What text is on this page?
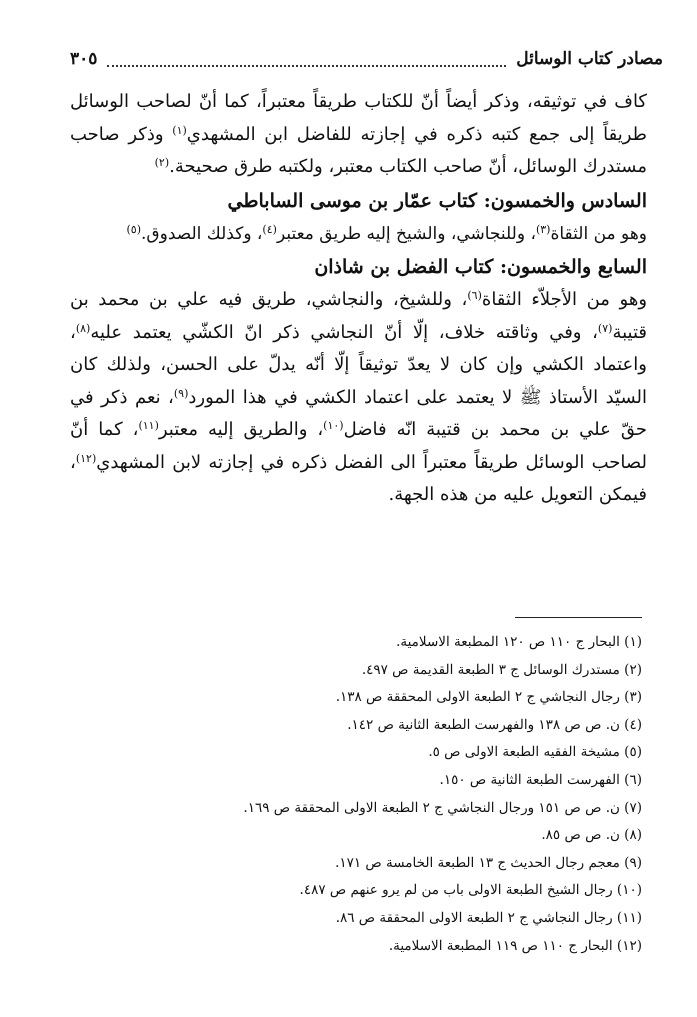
مصادر كتاب الوسائل
٣٠٥

كاف في توثيقه، وذكر أيضاً أنّ للكتاب طريقاً معتبراً، كما أنّ لصاحب الوسائل طريقاً إلى جمع كتبه ذكره في إجازته للفاضل ابن المشهدي$^{(١)}$ وذكر صاحب مستدرك الوسائل، أنّ صاحب الكتاب معتبر، ولكتبه طرق صحيحة.$^{(٢)}$

السادس والخمسون: كتاب عمّار بن موسى الساباطي

وهو من الثقاة$^{(٣)}$، وللنجاشي، والشيخ إليه طريق معتبر$^{(٤)}$، وكذلك الصدوق.$^{(٥)}$

السابع والخمسون: كتاب الفضل بن شاذان

وهو من الأجلاّء الثقاة$^{(٦)}$، وللشيخ، والنجاشي، طريق فيه علي بن محمد بن قتيبة$^{(٧)}$، وفي وثاقته خلاف، إلّا أنّ النجاشي ذكر انّ الكشّي يعتمد عليه$^{(٨)}$، واعتماد الكشي وإن كان لا يعدّ توثيقاً إلّا أنّه يدلّ على الحسن، ولذلك كان السيّد الأستاذ ﷺ لا يعتمد على اعتماد الكشي في هذا المورد$^{(٩)}$، نعم ذكر في حقّ علي بن محمد بن قتيبة انّه فاضل$^{(١٠)}$، والطريق إليه معتبر$^{(١١)}$، كما أنّ لصاحب الوسائل طريقاً معتبراً الى الفضل ذكره في إجازته لابن المشهدي$^{(١٢)}$، فيمكن التعويل عليه من هذه الجهة.

(١) البحار ج ١١٠ ص ١٢٠ المطبعة الاسلامية.
(٢) مستدرك الوسائل ج ٣ الطبعة القديمة ص ٤٩٧.
(٣) رجال النجاشي ج ٢ الطبعة الاولى المحققة ص ١٣٨.
(٤) ن. ص ص ١٣٨ والفهرست الطبعة الثانية ص ١٤٢.
(٥) مشيخة الفقيه الطبعة الاولى ص ٥.
(٦) الفهرست الطبعة الثانية ص ١٥٠.
(٧) ن. ص ص ١٥١ ورجال النجاشي ج ٢ الطبعة الاولى المحققة ص ١٦٩.
(٨) ن. ص ص ٨٥.
(٩) معجم رجال الحديث ج ١٣ الطبعة الخامسة ص ١٧١.
(١٠) رجال الشيخ الطبعة الاولى باب من لم يرو عنهم ص ٤٨٧.
(١١) رجال النجاشي ج ٢ الطبعة الاولى المحققة ص ٨٦.
(١٢) البحار ج ١١٠ ص ١١٩ المطبعة الاسلامية.
